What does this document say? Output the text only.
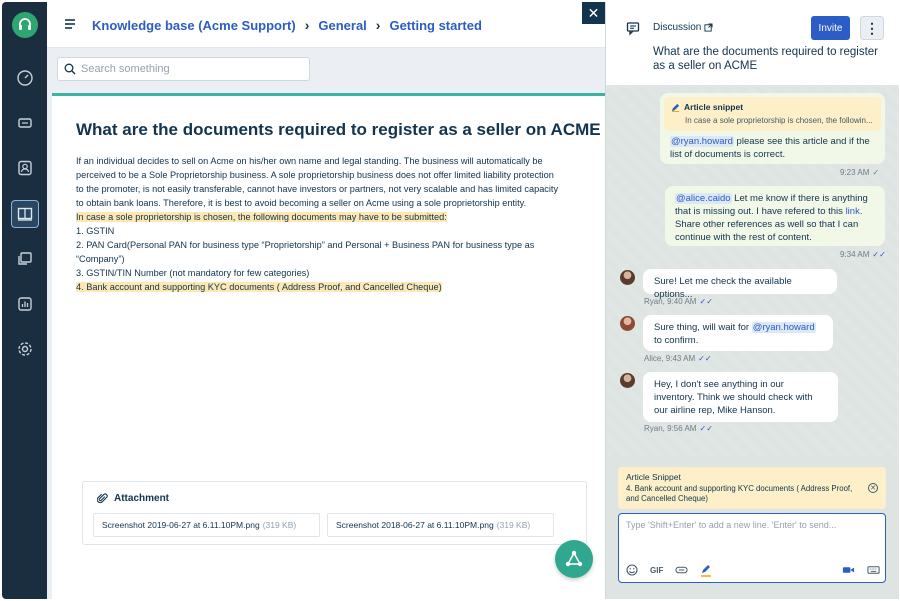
Knowledge base (Acme Support) › General › Getting started
✕
Search something
What are the documents required to register as a seller on ACME

If an individual decides to sell on Acme on his/her own name and legal standing. The business will automatically be perceived to be a Sole Proprietorship business. A sole proprietorship business does not offer limited liability protection to the promoter, is not easily transferable, cannot have investors or partners, not very scalable and has limited capacity to obtain bank loans. Therefore, it is best to avoid becoming a seller on Acme using a sole proprietorship entity.

In case a sole proprietorship is chosen, the following documents may have to be submitted:

1. GSTIN

2. PAN Card(Personal PAN for business type “Proprietorship” and Personal + Business PAN for business type as “Company”)

3. GSTIN/TIN Number (not mandatory for few categories)

4. Bank account and supporting KYC documents ( Address Proof, and Cancelled Cheque)

Attachment
Screenshot 2019-06-27 at 6.11.10PM.png (319 KB)	Screenshot 2018-06-27 at 6.11.10PM.png (319 KB)
Discussion	Invite	⋮
What are the documents required to register as a seller on ACME
Article snippet
In case a sole proprietorship is chosen, the followin...
@ryan.howard please see this article and if the list of documents is correct.
9:23 AM ✓
@alice.caido Let me know if there is anything that is missing out. I have refered to this link. Share other references as well so that I can continue with the rest of content.
9:34 AM ✓✓
Sure! Let me check the available options...
Ryan, 9:40 AM ✓✓
Sure thing, will wait for @ryan.howard to confirm.
Alice, 9:43 AM ✓✓
Hey, I don't see anything in our inventory. Think we should check with our airline rep, Mike Hanson.
Ryan, 9:56 AM ✓✓
Article Snippet
4. Bank account and supporting KYC documents ( Address Proof, and Cancelled Cheque)
✕
Type 'Shift+Enter' to add a new line. 'Enter' to send...
GIF
